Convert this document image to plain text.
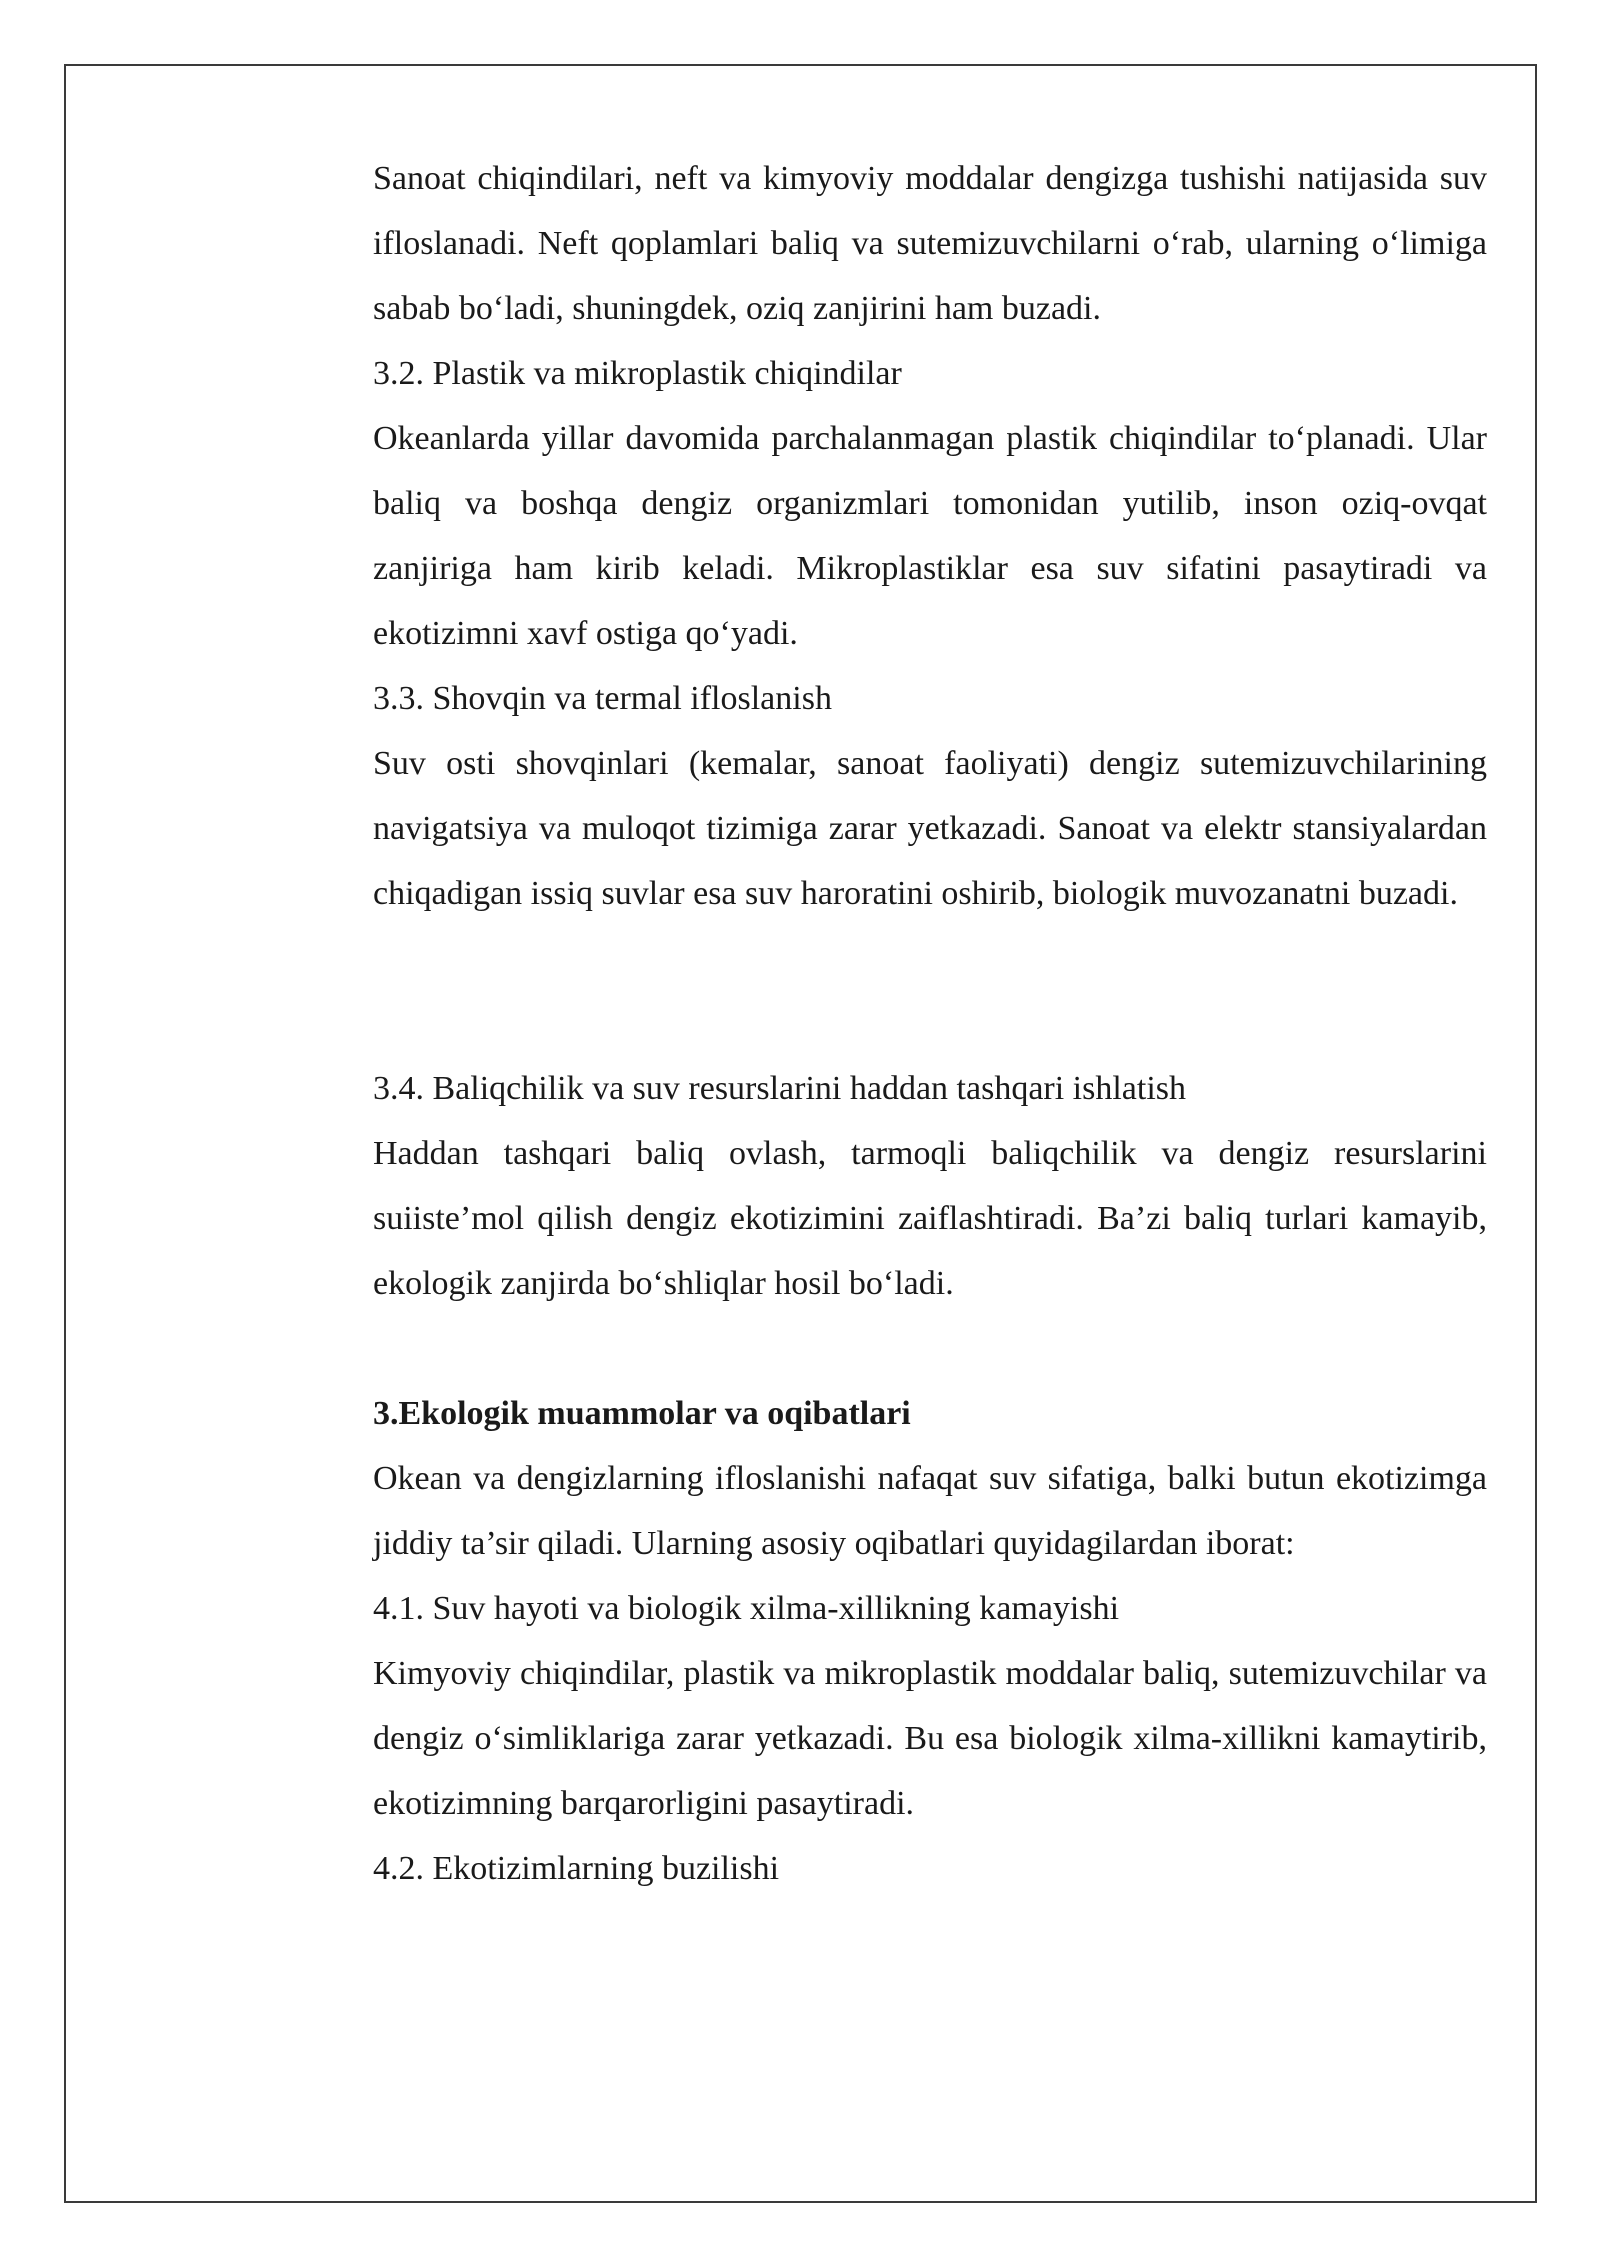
Sanoat chiqindilari, neft va kimyoviy moddalar dengizga tushishi natijasida suv ifloslanadi. Neft qoplamlari baliq va sutemizuvchilarni o‘rab, ularning o‘limiga sabab bo‘ladi, shuningdek, oziq zanjirini ham buzadi.

3.2. Plastik va mikroplastik chiqindilar

Okeanlarda yillar davomida parchalanmagan plastik chiqindilar to‘planadi. Ular baliq va boshqa dengiz organizmlari tomonidan yutilib, inson oziq-ovqat zanjiriga ham kirib keladi. Mikroplastiklar esa suv sifatini pasaytiradi va ekotizimni xavf ostiga qo‘yadi.

3.3. Shovqin va termal ifloslanish

Suv osti shovqinlari (kemalar, sanoat faoliyati) dengiz sutemizuvchilarining navigatsiya va muloqot tizimiga zarar yetkazadi. Sanoat va elektr stansiyalardan chiqadigan issiq suvlar esa suv haroratini oshirib, biologik muvozanatni buzadi.

3.4. Baliqchilik va suv resurslarini haddan tashqari ishlatish

Haddan tashqari baliq ovlash, tarmoqli baliqchilik va dengiz resurslarini suiiste’mol qilish dengiz ekotizimini zaiflashtiradi. Ba’zi baliq turlari kamayib, ekologik zanjirda bo‘shliqlar hosil bo‘ladi.

3.Ekologik muammolar va oqibatlari

Okean va dengizlarning ifloslanishi nafaqat suv sifatiga, balki butun ekotizimga jiddiy ta’sir qiladi. Ularning asosiy oqibatlari quyidagilardan iborat:

4.1. Suv hayoti va biologik xilma-xillikning kamayishi

Kimyoviy chiqindilar, plastik va mikroplastik moddalar baliq, sutemizuvchilar va dengiz o‘simliklariga zarar yetkazadi. Bu esa biologik xilma-xillikni kamaytirib, ekotizimning barqarorligini pasaytiradi.

4.2. Ekotizimlarning buzilishi
